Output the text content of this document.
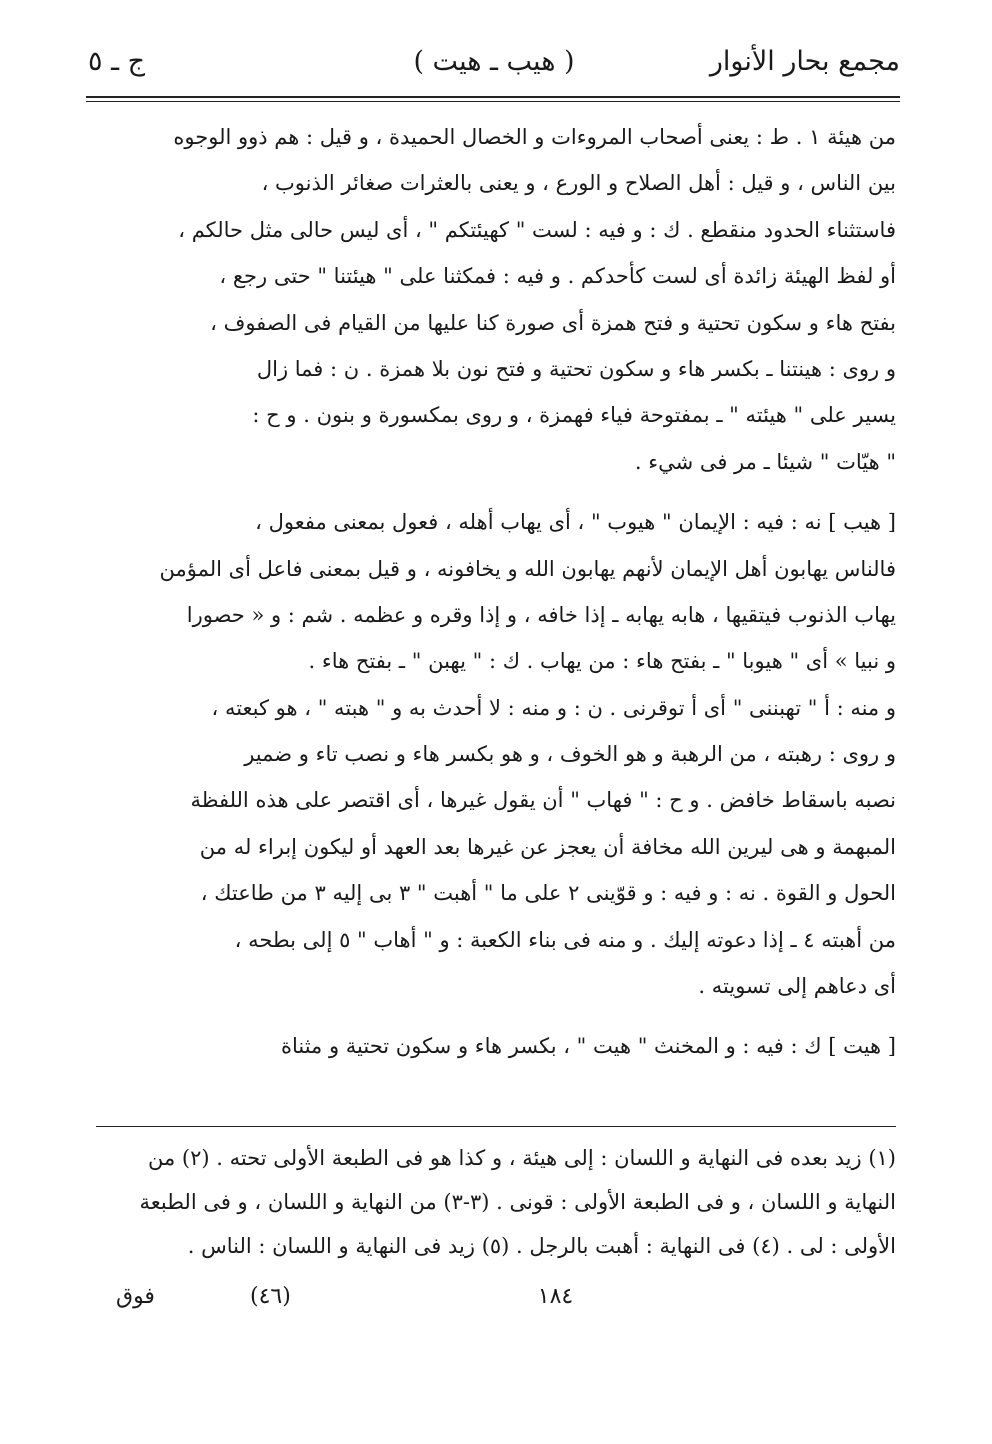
مجمع بحار الأنوار
( هيب ـ هيت )
ج ـ ٥
من هيئة ١ . ط : يعنى أصحاب المروءات و الخصال الحميدة ، و قيل : هم ذوو الوجوه
بين الناس ، و قيل : أهل الصلاح و الورع ، و يعنى بالعثرات صغائر الذنوب ،
فاستثناء الحدود منقطع . ك : و فيه : لست " كهيئتكم " ، أى ليس حالى مثل حالكم ،
أو لفظ الهيئة زائدة أى لست كأحدكم . و فيه : فمكثنا على " هيئتنا " حتى رجع ،
بفتح هاء و سكون تحتية و فتح همزة أى صورة كنا عليها من القيام فى الصفوف ،
و روى : هينتنا ـ بكسر هاء و سكون تحتية و فتح نون بلا همزة . ن : فما زال
يسير على " هيئته " ـ بمفتوحة فياء فهمزة ، و روى بمكسورة و بنون . و ح :
" هيّات " شيئا ـ مر فى شيء .
[ هيب ] نه : فيه : الإيمان " هيوب " ، أى يهاب أهله ، فعول بمعنى مفعول ،
فالناس يهابون أهل الإيمان لأنهم يهابون الله و يخافونه ، و قيل بمعنى فاعل أى المؤمن
يهاب الذنوب فيتقيها ، هابه يهابه ـ إذا خافه ، و إذا وقره و عظمه . شم : و « حصورا
و نبيا » أى " هيوبا " ـ بفتح هاء : من يهاب . ك : " يهبن " ـ بفتح هاء .
و منه : أ " تهبننى " أى أ توقرنى . ن : و منه : لا أحدث به و " هبته " ، هو كبعته ،
و روى : رهبته ، من الرهبة و هو الخوف ، و هو بكسر هاء و نصب تاء و ضمير
نصبه باسقاط خافض . و ح : " فهاب " أن يقول غيرها ، أى اقتصر على هذه اللفظة
المبهمة و هى ليرين الله مخافة أن يعجز عن غيرها بعد العهد أو ليكون إبراء له من
الحول و القوة . نه : و فيه : و قوّينى ٢ على ما " أهبت " ٣ بى إليه ٣ من طاعتك ،
من أهبته ٤ ـ إذا دعوته إليك . و منه فى بناء الكعبة : و " أهاب " ٥ إلى بطحه ،
أى دعاهم إلى تسويته .
[ هيت ] ك : فيه : و المخنث " هيت " ، بكسر هاء و سكون تحتية و مثناة
(١) زيد بعده فى النهاية و اللسان : إلى هيئة ، و كذا هو فى الطبعة الأولى تحته . (٢) من
النهاية و اللسان ، و فى الطبعة الأولى : قونى . (٣-٣) من النهاية و اللسان ، و فى الطبعة
الأولى : لى . (٤) فى النهاية : أهبت بالرجل . (٥) زيد فى النهاية و اللسان : الناس .
١٨٤
(٤٦)
فوق
